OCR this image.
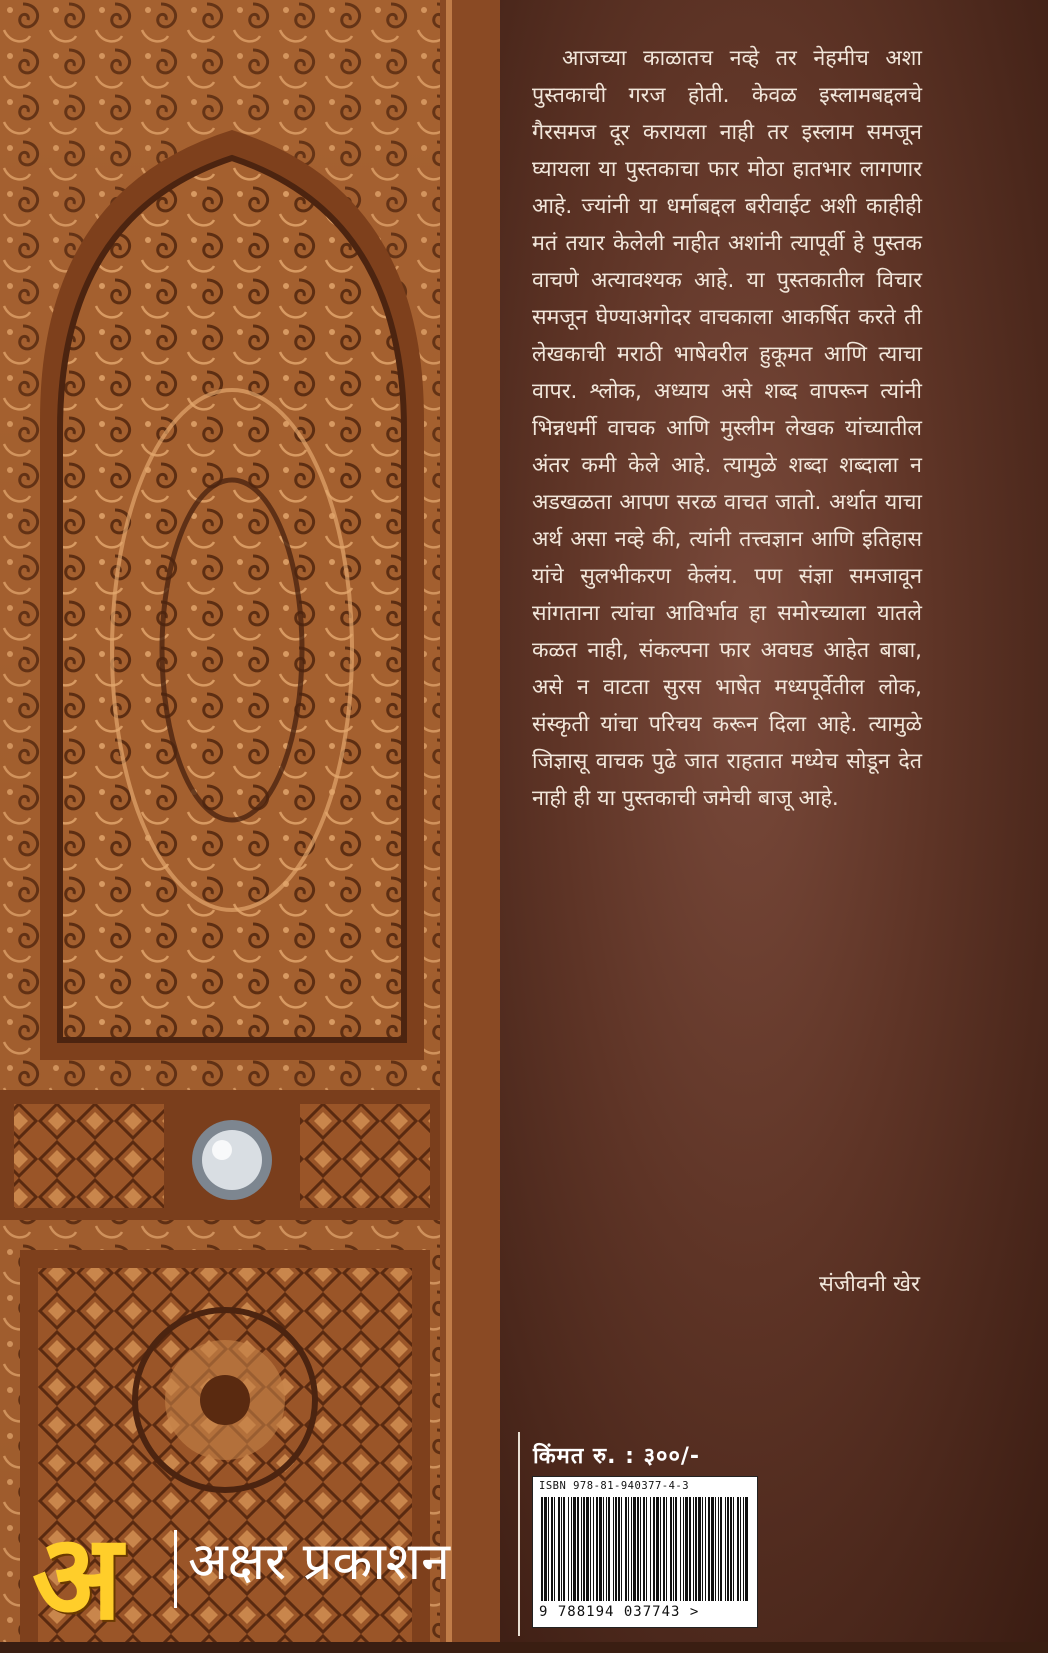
आजच्या काळातच नव्हे तर नेहमीच अशा पुस्तकाची गरज होती. केवळ इस्लामबद्दलचे गैरसमज दूर करायला नाही तर इस्लाम समजून घ्यायला या पुस्तकाचा फार मोठा हातभार लागणार आहे. ज्यांनी या धर्माबद्दल बरीवाईट अशी काहीही मतं तयार केलेली नाहीत अशांनी त्यापूर्वी हे पुस्तक वाचणे अत्यावश्यक आहे. या पुस्तकातील विचार समजून घेण्याअगोदर वाचकाला आकर्षित करते ती लेखकाची मराठी भाषेवरील हुकूमत आणि त्याचा वापर. श्लोक, अध्याय असे शब्द वापरून त्यांनी भिन्नधर्मी वाचक आणि मुस्लीम लेखक यांच्यातील अंतर कमी केले आहे. त्यामुळे शब्दा शब्दाला न अडखळता आपण सरळ वाचत जातो. अर्थात याचा अर्थ असा नव्हे की, त्यांनी तत्त्वज्ञान आणि इतिहास यांचे सुलभीकरण केलंय. पण संज्ञा समजावून सांगताना त्यांचा आविर्भाव हा समोरच्याला यातले कळत नाही, संकल्पना फार अवघड आहेत बाबा, असे न वाटता सुरस भाषेत मध्यपूर्वेतील लोक, संस्कृती यांचा परिचय करून दिला आहे. त्यामुळे जिज्ञासू वाचक पुढे जात राहतात मध्येच सोडून देत नाही ही या पुस्तकाची जमेची बाजू आहे.

संजीवनी खेर
किंमत रु. : ३००/-
ISBN 978-81-940377-4-3
9 788194 037743 >
अ अक्षर प्रकाशन
